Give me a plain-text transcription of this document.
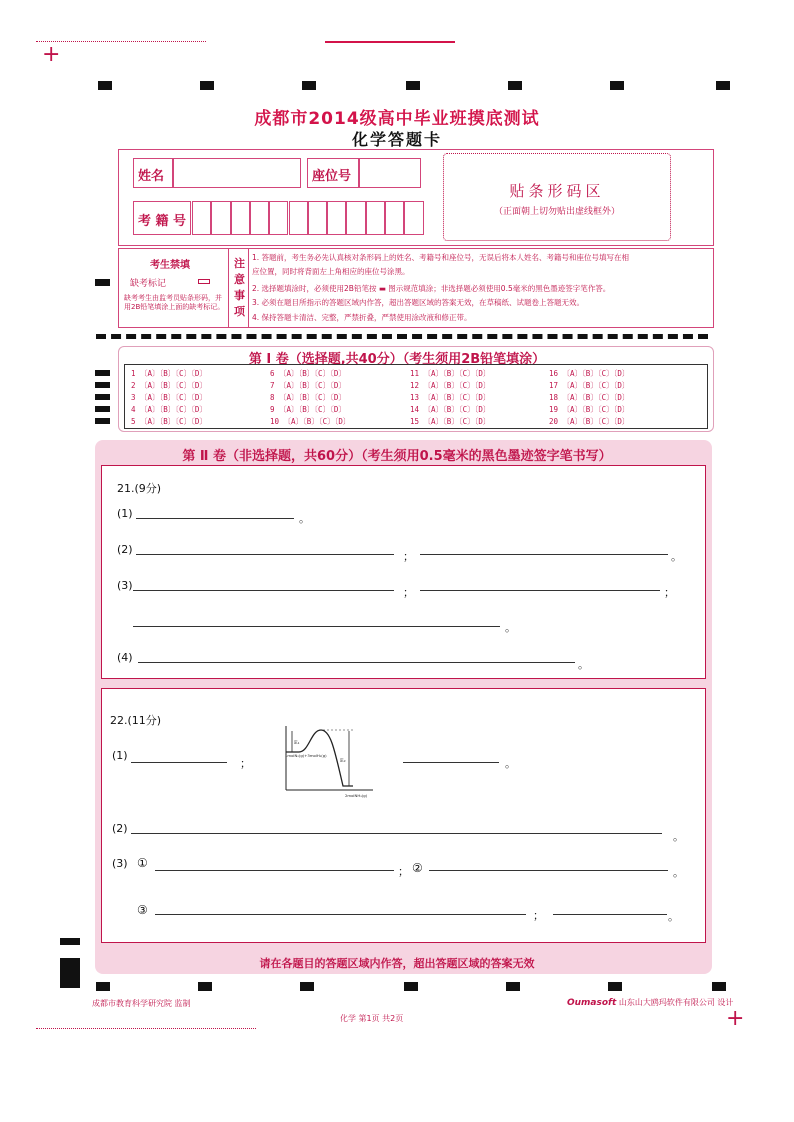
+
+
成都市2014级高中毕业班摸底测试
化学答题卡
姓名	座位号
考 籍 号
贴条形码区
（正面朝上切勿贴出虚线框外）
考生禁填
缺考标记
缺考考生由监考员贴条形码，并用2B铅笔填涂上面的缺考标记。
注意事项
1. 答题前，考生务必先认真核对条形码上的姓名、考籍号和座位号，无误后将本人姓名、考籍号和座位号填写在相
应位置，同时将背面左上角相应的座位号涂黑。
2. 选择题填涂时，必须使用2B铅笔按 ▬ 图示规范填涂；非选择题必须使用0.5毫米的黑色墨迹签字笔作答。
3. 必须在题目所指示的答题区域内作答，超出答题区域的答案无效，在草稿纸、试题卷上答题无效。
4. 保持答题卡清洁、完整，严禁折叠，严禁使用涂改液和修正带。
第 Ⅰ 卷（选择题,共40分）（考生须用2B铅笔填涂）
1 〔A〕〔B〕〔C〕〔D〕	6 〔A〕〔B〕〔C〕〔D〕	11 〔A〕〔B〕〔C〕〔D〕	16 〔A〕〔B〕〔C〕〔D〕
2 〔A〕〔B〕〔C〕〔D〕	7 〔A〕〔B〕〔C〕〔D〕	12 〔A〕〔B〕〔C〕〔D〕	17 〔A〕〔B〕〔C〕〔D〕
3 〔A〕〔B〕〔C〕〔D〕	8 〔A〕〔B〕〔C〕〔D〕	13 〔A〕〔B〕〔C〕〔D〕	18 〔A〕〔B〕〔C〕〔D〕
4 〔A〕〔B〕〔C〕〔D〕	9 〔A〕〔B〕〔C〕〔D〕	14 〔A〕〔B〕〔C〕〔D〕	19 〔A〕〔B〕〔C〕〔D〕
5 〔A〕〔B〕〔C〕〔D〕	10 〔A〕〔B〕〔C〕〔D〕	15 〔A〕〔B〕〔C〕〔D〕	20 〔A〕〔B〕〔C〕〔D〕
第 Ⅱ 卷（非选择题，共60分）（考生须用0.5毫米的黑色墨迹签字笔书写）
21.(9分)
(1)	。
(2)
；	。
(3)
；	；
。
(4)
。
22.(11分)
(1)
；
E₁
E₂
1molN₂(g)+3molH₂(g)
2molNH₃(g)
。
(2)
。
(3) ①
； ②	。
③	；	。
请在各题目的答题区域内作答，超出答题区域的答案无效
成都市教育科学研究院 监制
化学 第1页 共2页
Oumasoft 山东山大鸥玛软件有限公司 设计
